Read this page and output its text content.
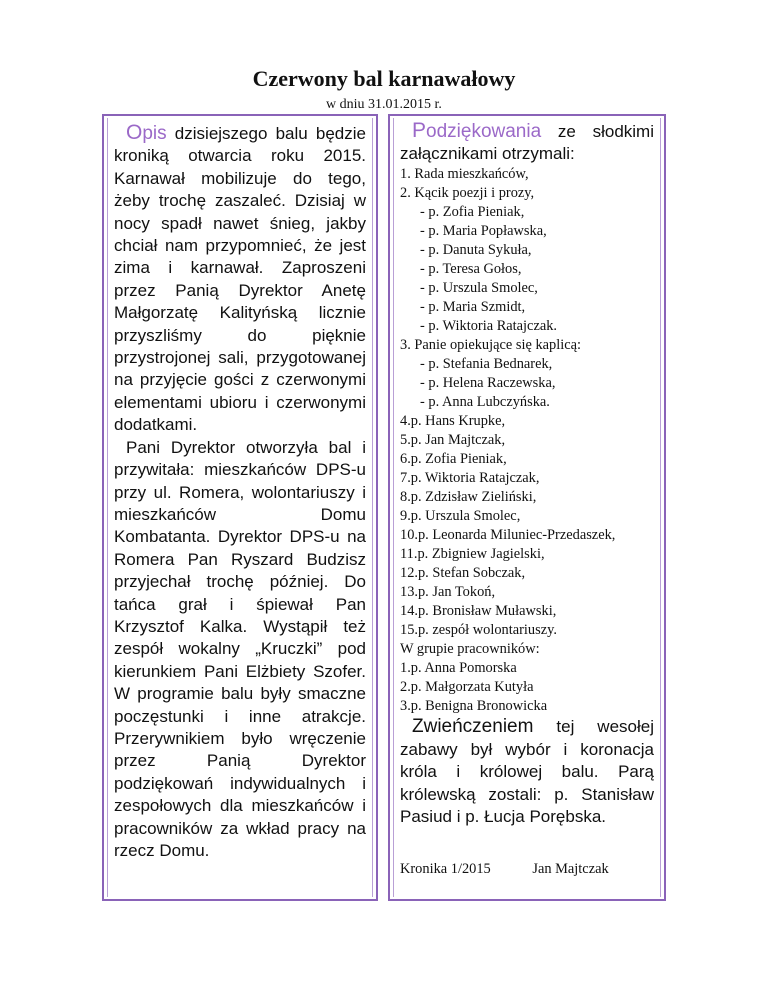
Czerwony bal karnawałowy
w dniu 31.01.2015 r.

Opis dzisiejszego balu będzie kroniką otwarcia roku 2015. Karnawał mobilizuje do tego, żeby trochę zaszaleć. Dzisiaj w nocy spadł nawet śnieg, jakby chciał nam przypomnieć, że jest zima i karnawał. Zaproszeni przez Panią Dyrektor Anetę Małgorzatę Kalityńską licznie przyszliśmy do pięknie przystrojonej sali, przygotowanej na przyjęcie gości z czerwonymi elementami ubioru i czerwonymi dodatkami.

Pani Dyrektor otworzyła bal i przywitała: mieszkańców DPS-u przy ul. Romera, wolontariuszy i mieszkańców Domu Kombatanta. Dyrektor DPS-u na Romera Pan Ryszard Budzisz przyjechał trochę później. Do tańca grał i śpiewał Pan Krzysztof Kalka. Wystąpił też zespół wokalny „Kruczki” pod kierunkiem Pani Elżbiety Szofer. W programie balu były smaczne poczęstunki i inne atrakcje. Przerywnikiem było wręczenie przez Panią Dyrektor podziękowań indywidualnych i zespołowych dla mieszkańców i pracowników za wkład pracy na rzecz Domu.

Podziękowania ze słodkimi załącznikami otrzymali:

1. Rada mieszkańców,
2. Kącik poezji i prozy,
- p. Zofia Pieniak,
- p. Maria Popławska,
- p. Danuta Sykuła,
- p. Teresa Gołos,
- p. Urszula Smolec,
- p. Maria Szmidt,
- p. Wiktoria Ratajczak.
3. Panie opiekujące się kaplicą:
- p. Stefania Bednarek,
- p. Helena Raczewska,
- p. Anna Lubczyńska.
4.p. Hans Krupke,
5.p. Jan Majtczak,
6.p. Zofia Pieniak,
7.p. Wiktoria Ratajczak,
8.p. Zdzisław Zieliński,
9.p. Urszula Smolec,
10.p. Leonarda Miluniec-Przedaszek,
11.p. Zbigniew Jagielski,
12.p. Stefan Sobczak,
13.p. Jan Tokoń,
14.p. Bronisław Muławski,
15.p. zespół wolontariuszy.
W grupie pracowników:
1.p. Anna Pomorska
2.p. Małgorzata Kutyła
3.p. Benigna Bronowicka

Zwieńczeniem tej wesołej zabawy był wybór i koronacja króla i królowej balu. Parą królewską zostali: p. Stanisław Pasiud i p. Łucja Porębska.

Kronika 1/2015	Jan Majtczak
